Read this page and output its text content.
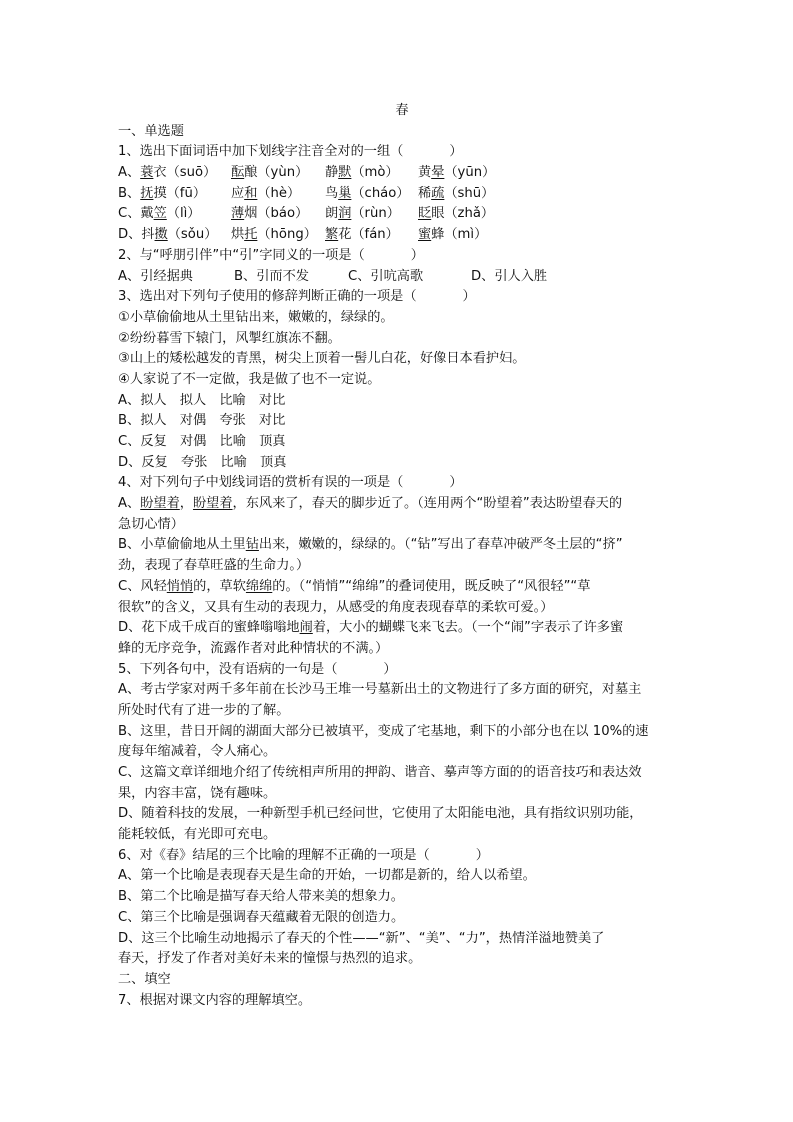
春
一、单选题
1、选出下面词语中加下划线字注音全对的一组（	）
A、蓑衣（suō） 酝酿（yùn） 静默（mò） 黄晕（yūn）
B、抚摸（fū） 应和（hè） 鸟巢（cháo） 稀疏（shū）
C、戴笠（lì） 薄烟（báo） 朗润（rùn） 眨眼（zhǎ）
D、抖擞（sǒu） 烘托（hōng） 繁花（fán） 蜜蜂（mì）
2、与“呼朋引伴”中“引”字同义的一项是（	）
A、引经据典	B、引而不发	C、引吭高歌	D、引人入胜
3、选出对下列句子使用的修辞判断正确的一项是（	）
①小草偷偷地从土里钻出来，嫩嫩的，绿绿的。
②纷纷暮雪下辕门，风掣红旗冻不翻。
③山上的矮松越发的青黑，树尖上顶着一髻儿白花，好像日本看护妇。
④人家说了不一定做，我是做了也不一定说。
A、拟人　拟人　比喻　对比
B、拟人　对偶　夸张　对比
C、反复　对偶　比喻　顶真
D、反复　夸张　比喻　顶真
4、对下列句子中划线词语的赏析有误的一项是（	）
A、盼望着，盼望着，东风来了，春天的脚步近了。（连用两个“盼望着”表达盼望春天的
急切心情）
B、小草偷偷地从土里钻出来，嫩嫩的，绿绿的。（“钻”写出了春草冲破严冬土层的“挤”
劲，表现了春草旺盛的生命力。）
C、风轻悄悄的，草软绵绵的。（“悄悄”“绵绵”的叠词使用，既反映了“风很轻”“草
很软”的含义，又具有生动的表现力，从感受的角度表现春草的柔软可爱。）
D、花下成千成百的蜜蜂嗡嗡地闹着，大小的蝴蝶飞来飞去。（一个“闹”字表示了许多蜜
蜂的无序竞争，流露作者对此种情状的不满。）
5、下列各句中，没有语病的一句是（	）
A、考古学家对两千多年前在长沙马王堆一号墓新出土的文物进行了多方面的研究，对墓主
所处时代有了进一步的了解。
B、这里，昔日开阔的湖面大部分已被填平，变成了宅基地，剩下的小部分也在以 10%的速
度每年缩减着，令人痛心。
C、这篇文章详细地介绍了传统相声所用的押韵、谐音、摹声等方面的的语音技巧和表达效
果，内容丰富，饶有趣味。
D、随着科技的发展，一种新型手机已经问世，它使用了太阳能电池，具有指纹识别功能，
能耗较低，有光即可充电。
6、对《春》结尾的三个比喻的理解不正确的一项是（	）
A、第一个比喻是表现春天是生命的开始，一切都是新的，给人以希望。
B、第二个比喻是描写春天给人带来美的想象力。
C、第三个比喻是强调春天蕴藏着无限的创造力。
D、这三个比喻生动地揭示了春天的个性——“新”、“美”、“力”，热情洋溢地赞美了
春天，抒发了作者对美好未来的憧憬与热烈的追求。
二、填空
7、根据对课文内容的理解填空。
